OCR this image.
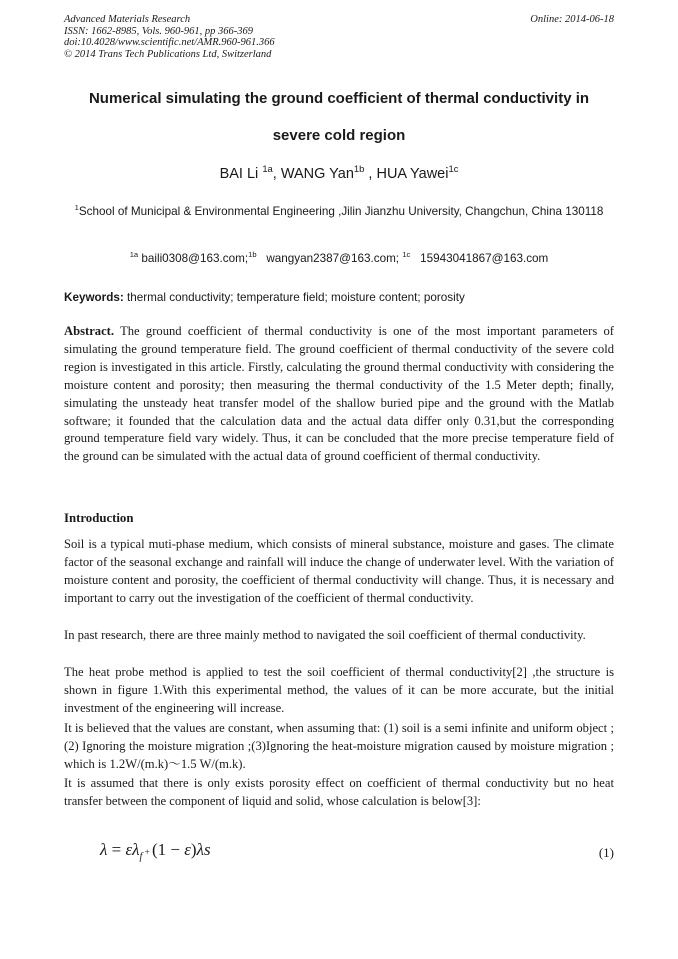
Advanced Materials Research
ISSN: 1662-8985, Vols. 960-961, pp 366-369
doi:10.4028/www.scientific.net/AMR.960-961.366
© 2014 Trans Tech Publications Ltd, Switzerland
Online: 2014-06-18
Numerical simulating the ground coefficient of thermal conductivity in
severe cold region
BAI Li $^{1a}$, WANG Yan$^{1b}$ , HUA Yawei$^{1c}$
$^1$School of Municipal & Environmental Engineering ,Jilin Jianzhu University, Changchun, China 130118
$^{1a}$ baili0308@163.com;$^{1b}$ wangyan2387@163.com; $^{1c}$ 15943041867@163.com
Keywords: thermal conductivity; temperature field; moisture content; porosity

Abstract. The ground coefficient of thermal conductivity is one of the most important parameters of simulating the ground temperature field. The ground coefficient of thermal conductivity of the severe cold region is investigated in this article. Firstly, calculating the ground thermal conductivity with considering the moisture content and porosity; then measuring the thermal conductivity of the 1.5 Meter depth; finally, simulating the unsteady heat transfer model of the shallow buried pipe and the ground with the Matlab software; it founded that the calculation data and the actual data differ only 0.31,but the corresponding ground temperature field vary widely. Thus, it can be concluded that the more precise temperature field of the ground can be simulated with the actual data of ground coefficient of thermal conductivity.

Introduction

Soil is a typical muti-phase medium, which consists of mineral substance, moisture and gases. The climate factor of the seasonal exchange and rainfall will induce the change of underwater level. With the variation of moisture content and porosity, the coefficient of thermal conductivity will change. Thus, it is necessary and important to carry out the investigation of the coefficient of thermal conductivity.

In past research, there are three mainly method to navigated the soil coefficient of thermal conductivity.

The heat probe method is applied to test the soil coefficient of thermal conductivity[2] ,the structure is shown in figure 1.With this experimental method, the values of it can be more accurate, but the initial investment of the engineering will increase.

It is believed that the values are constant, when assuming that: (1) soil is a semi infinite and uniform object ;(2) Ignoring the moisture migration ;(3)Ignoring the heat-moisture migration caused by moisture migration ; which is 1.2W/(m.k)～1.5 W/(m.k).

It is assumed that there is only exists porosity effect on coefficient of thermal conductivity but no heat transfer between the component of liquid and solid, whose calculation is below[3]:

$\lambda = \varepsilon\lambda_f + (1 - \varepsilon)\lambda s$	(1)
